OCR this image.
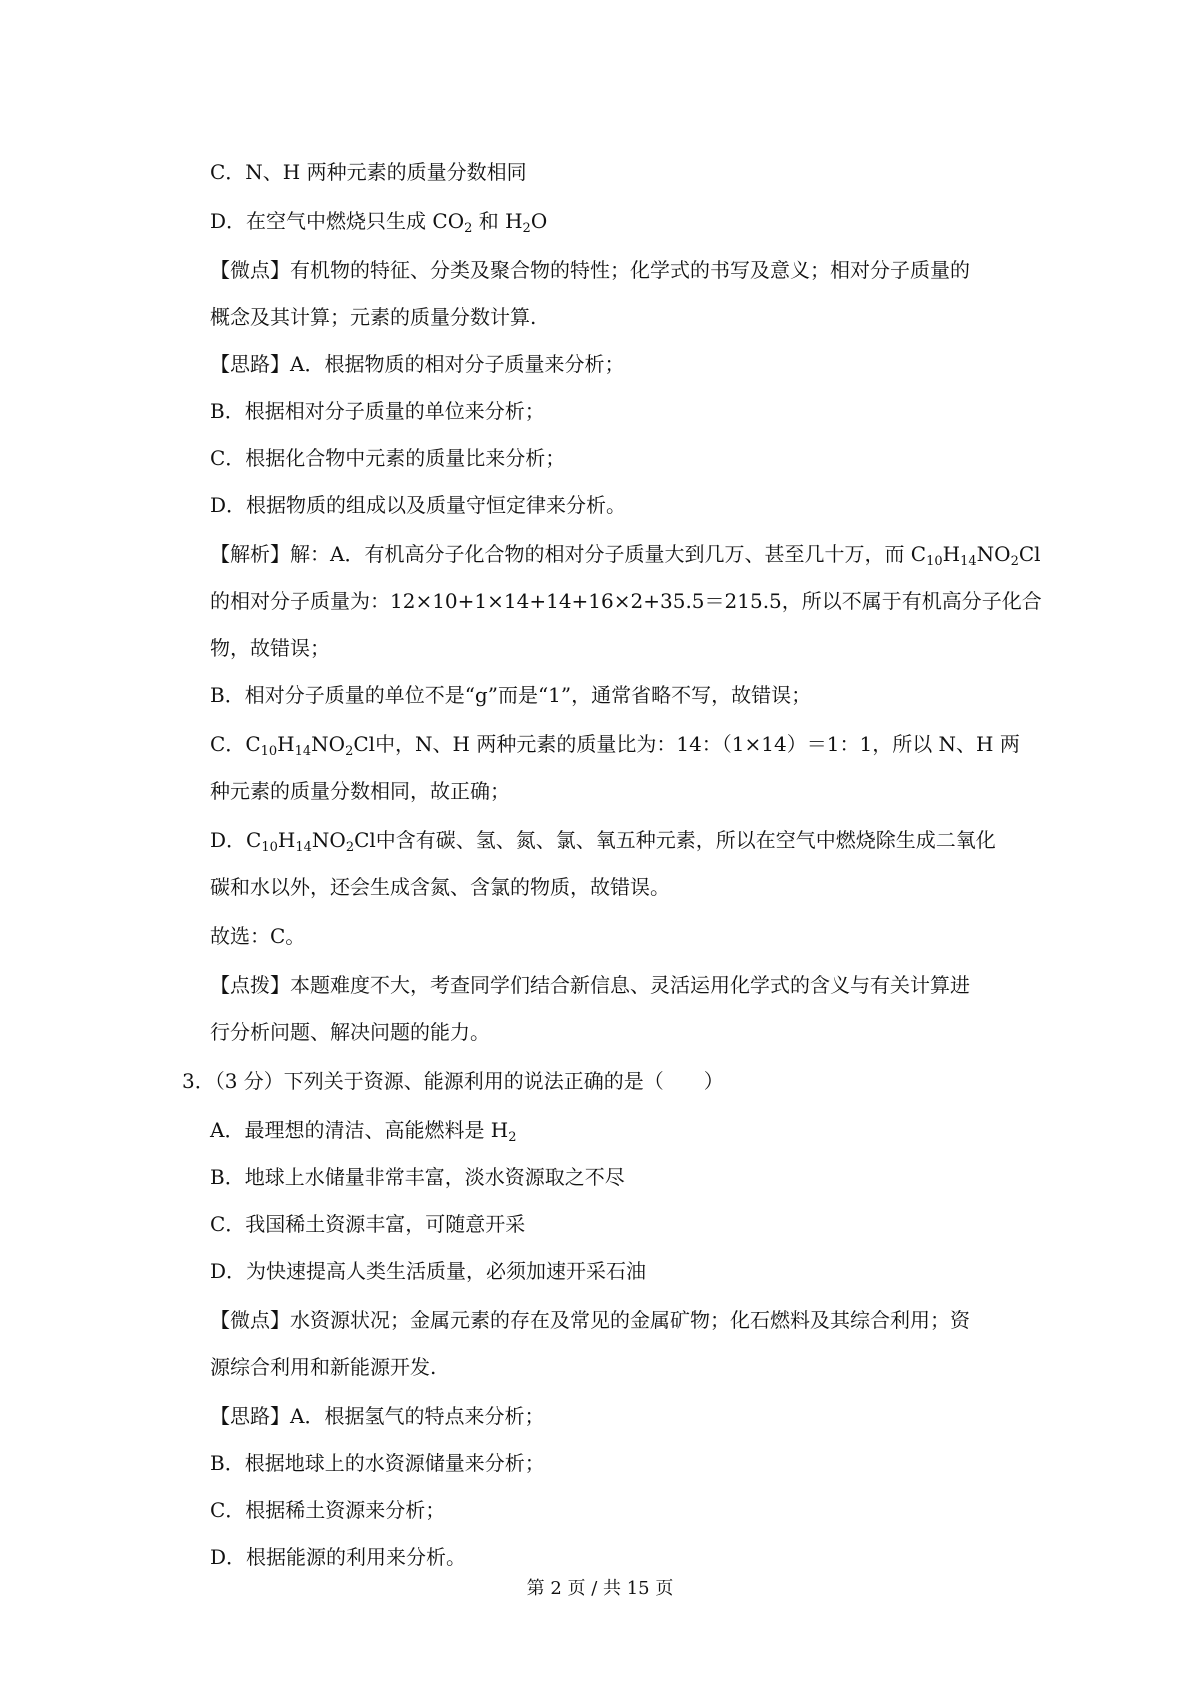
C．N、H 两种元素的质量分数相同
D．在空气中燃烧只生成 $CO_2$ 和 $H_2O$
【微点】有机物的特征、分类及聚合物的特性；化学式的书写及意义；相对分子质量的
概念及其计算；元素的质量分数计算.
【思路】A．根据物质的相对分子质量来分析；
B．根据相对分子质量的单位来分析；
C．根据化合物中元素的质量比来分析；
D．根据物质的组成以及质量守恒定律来分析。
【解析】解：A．有机高分子化合物的相对分子质量大到几万、甚至几十万，而 $C_{10}H_{14}NO_2Cl$
的相对分子质量为：12×10+1×14+14+16×2+35.5＝215.5，所以不属于有机高分子化合
物，故错误；
B．相对分子质量的单位不是“g”而是“1”，通常省略不写，故错误；
C．$C_{10}H_{14}NO_2Cl$中，N、H 两种元素的质量比为：14：（1×14）＝1：1，所以 N、H 两
种元素的质量分数相同，故正确；
D．$C_{10}H_{14}NO_2Cl$中含有碳、氢、氮、氯、氧五种元素，所以在空气中燃烧除生成二氧化
碳和水以外，还会生成含氮、含氯的物质，故错误。
故选：C。
【点拨】本题难度不大，考查同学们结合新信息、灵活运用化学式的含义与有关计算进
行分析问题、解决问题的能力。
3．（3 分）下列关于资源、能源利用的说法正确的是（　　）
A．最理想的清洁、高能燃料是 $H_2$
B．地球上水储量非常丰富，淡水资源取之不尽
C．我国稀土资源丰富，可随意开采
D．为快速提高人类生活质量，必须加速开采石油
【微点】水资源状况；金属元素的存在及常见的金属矿物；化石燃料及其综合利用；资
源综合利用和新能源开发.
【思路】A．根据氢气的特点来分析；
B．根据地球上的水资源储量来分析；
C．根据稀土资源来分析；
D．根据能源的利用来分析。
第 2 页 / 共 15 页
